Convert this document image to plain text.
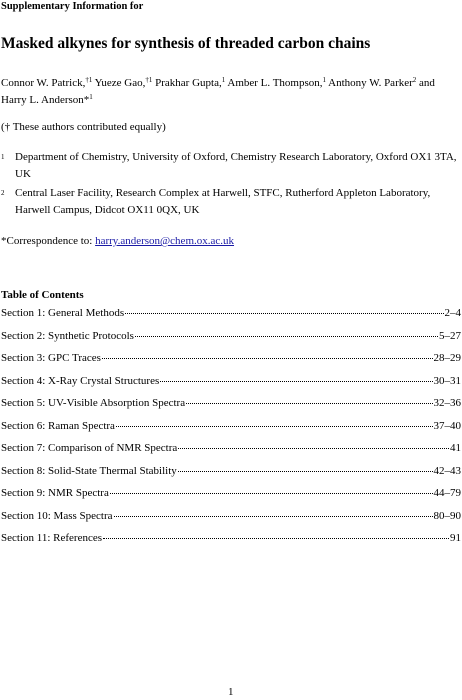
Supplementary Information for
Masked alkynes for synthesis of threaded carbon chains
Connor W. Patrick,$^{\dagger 1}$ Yueze Gao,$^{\dagger 1}$ Prakhar Gupta,$^1$ Amber L. Thompson,$^1$ Anthony W. Parker$^2$ and
Harry L. Anderson*$^1$
(† These authors contributed equally)
1 Department of Chemistry, University of Oxford, Chemistry Research Laboratory, Oxford OX1 3TA, UK
2 Central Laser Facility, Research Complex at Harwell, STFC, Rutherford Appleton Laboratory, Harwell Campus, Didcot OX11 0QX, UK
*Correspondence to: harry.anderson@chem.ox.ac.uk
Table of Contents
Section 1: General Methods	2–4
Section 2: Synthetic Protocols	5–27
Section 3: GPC Traces	28–29
Section 4: X-Ray Crystal Structures	30–31
Section 5: UV-Visible Absorption Spectra	32–36
Section 6: Raman Spectra	37–40
Section 7: Comparison of NMR Spectra	41
Section 8: Solid-State Thermal Stability	42–43
Section 9: NMR Spectra	44–79
Section 10: Mass Spectra	80–90
Section 11: References	91
1
